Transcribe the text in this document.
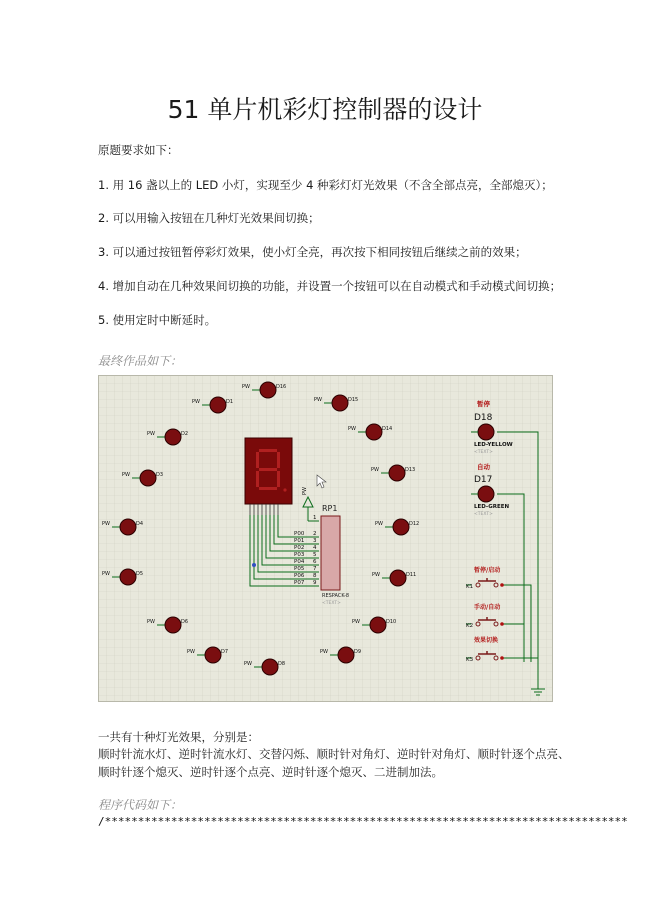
51 单片机彩灯控制器的设计
原题要求如下：
1. 用 16 盏以上的 LED 小灯，实现至少 4 种彩灯灯光效果（不含全部点亮，全部熄灭）；
2. 可以用输入按钮在几种灯光效果间切换；
3. 可以通过按钮暂停彩灯效果，使小灯全亮，再次按下相同按钮后继续之前的效果；
4. 增加自动在几种效果间切换的功能，并设置一个按钮可以在自动模式和手动模式间切换；
5. 使用定时中断延时。
最终作品如下：
PW	D1
PW	D16
PW	D15
PW	D14
PW	D13
PW	D12
PW	D11
PW	D10
PW	D9
PW	D8
PW	D7
PW	D6
PW	D5
PW	D4
PW	D3
PW	D2
P00
P01
P02
P03
P04
P05
P06
P07
1
2
3
4
5
6
7
8
9
PW
RP1
RESPACK-8
<TEXT>
暂停
D18
LED-YELLOW
<TEXT>
自动
D17
LED-GREEN
<TEXT>
暂停/启动
K1
手动/自动
K2
效果切换
K3
一共有十种灯光效果，分别是：
顺时针流水灯、逆时针流水灯、交替闪烁、顺时针对角灯、逆时针对角灯、顺时针逐个点亮、
顺时针逐个熄灭、逆时针逐个点亮、逆时针逐个熄灭、二进制加法。
程序代码如下：
/*******************************************************************************
